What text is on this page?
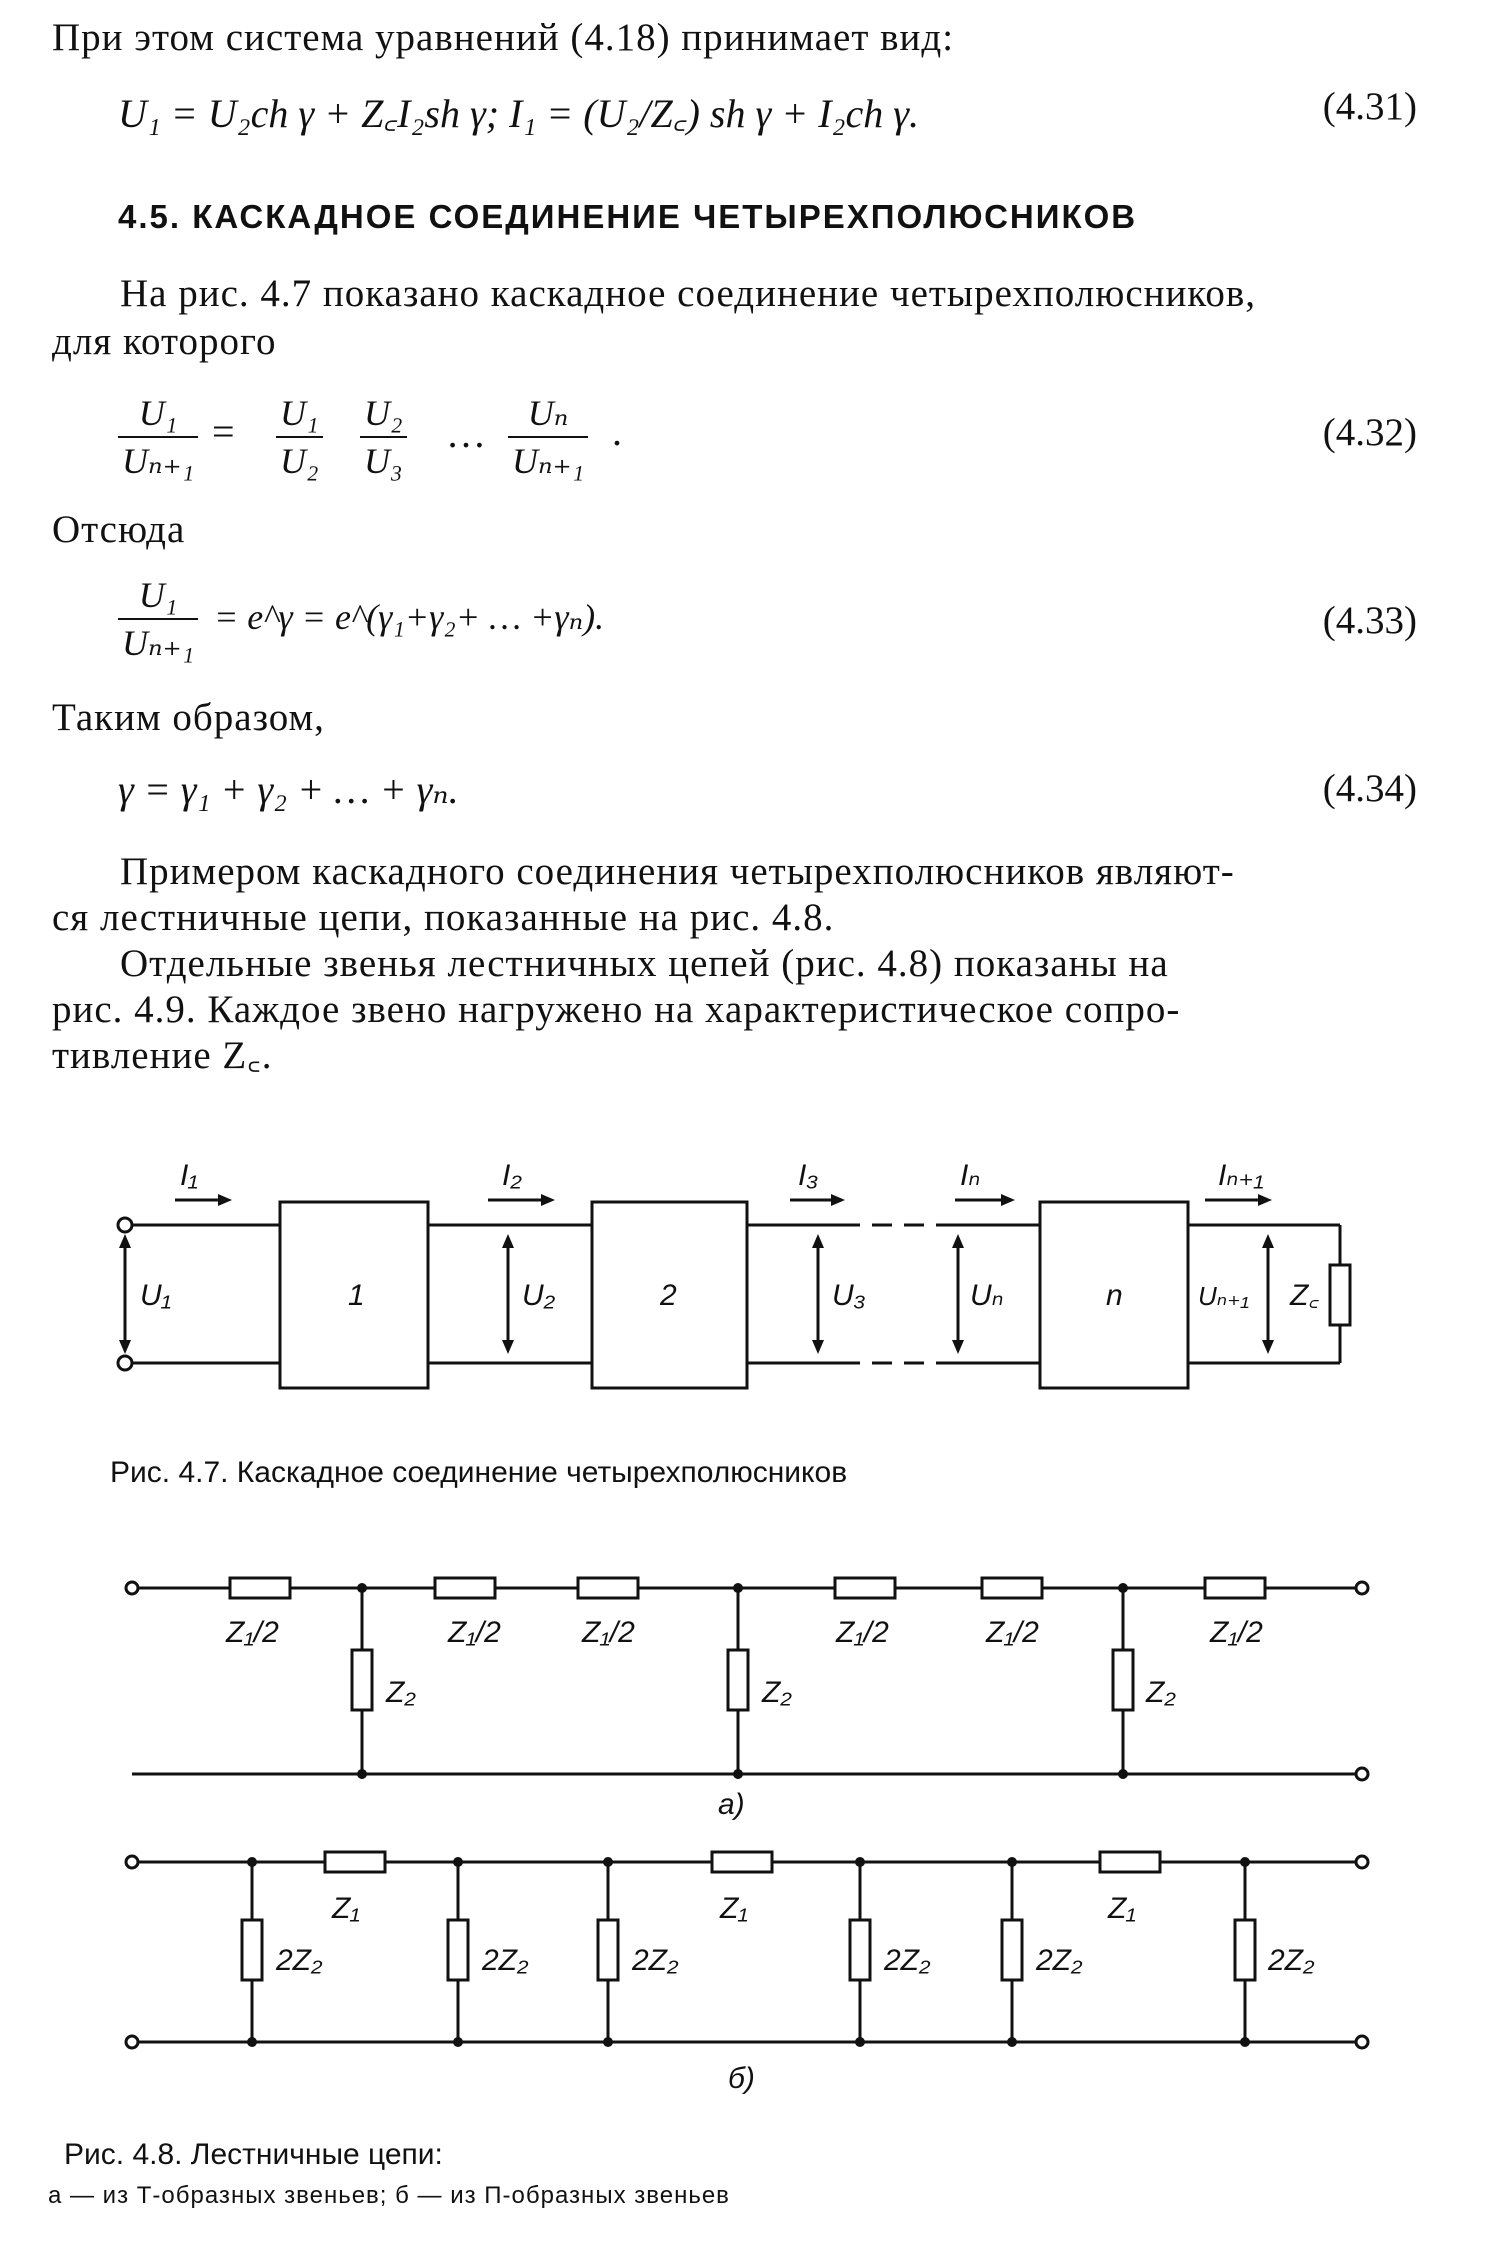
При этом система уравнений (4.18) принимает вид:
U₁ = U₂ch γ + Z꜀I₂sh γ; I₁ = (U₂/Z꜀) sh γ + I₂ch γ.	(4.31)
4.5. КАСКАДНОЕ СОЕДИНЕНИЕ ЧЕТЫРЕХПОЛЮСНИКОВ
На рис. 4.7 показано каскадное соединение четырехполюсников,
для которого
$\frac{\text{U₁}}{\text{Uₙ₊₁}} = \frac{\text{U₁}}{\text{U₂}} \frac{\text{U₂}}{\text{U₃}}$ … $\frac{\text{Uₙ}}{\text{Uₙ₊₁}}$ .	(4.32)
Отсюда
$\frac{\text{U₁}}{\text{Uₙ₊₁}}$ = e^γ = e^(γ₁+γ₂+ … +γₙ).	(4.33)
Таким образом,
γ = γ₁ + γ₂ + … + γₙ.	(4.34)
Примером каскадного соединения четырехполюсников являют-
ся лестничные цепи, показанные на рис. 4.8.
Отдельные звенья лестничных цепей (рис. 4.8) показаны на
рис. 4.9. Каждое звено нагружено на характеристическое сопро-
тивление Z꜀.
I₁	I₂	I₃	Iₙ	Iₙ₊₁
U₁	U₂	U₃	Uₙ	Uₙ₊₁ Z꜀
1	2	n
Рис. 4.7. Каскадное соединение четырехполюсников
Z₁/2	Z₁/2	Z₁/2	Z₁/2	Z₁/2	Z₁/2
Z₂	Z₂	Z₂
а)
Z₁	Z₁	Z₁
2Z₂	2Z₂	2Z₂	2Z₂	2Z₂	2Z₂
б)
Рис. 4.8. Лестничные цепи:
а — из Т-образных звеньев; б — из П-образных звеньев
